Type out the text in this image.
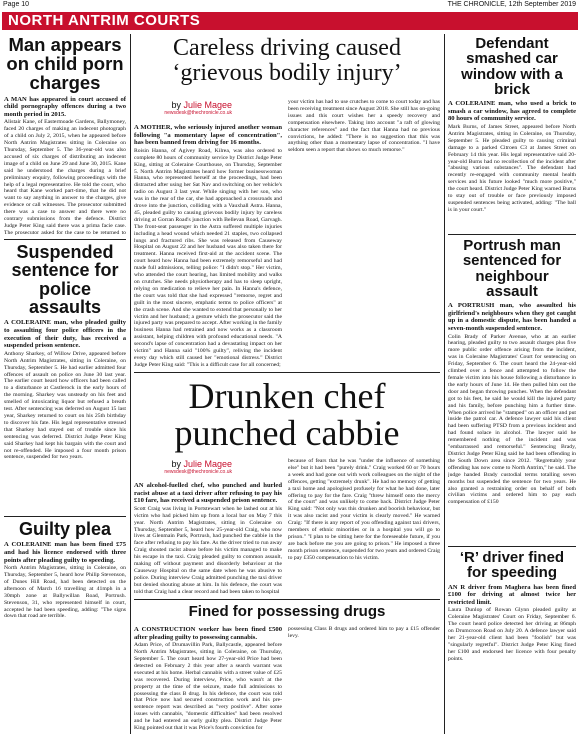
Page 10	THE CHRONICLE, 12th September 2019
NORTH ANTRIM COURTS
Man appears on child porn charges

A MAN has appeared in court accused of child pornography offences during a two month period in 2015.

Alistair Kane, of Eastermoade Gardens, Ballymoney, faced 20 charges of making an indecent photograph of a child on July 2, 2015, when he appeared before North Antrim Magistrates sitting in Coleraine on Thursday, September 5. The 36-year-old was also accused of six charges of distributing an indecent image of a child on June 29 and June 30, 2015. Kane said he understood the charges during a brief preliminary enquiry, following proceedings with the help of a legal representative. He told the court, who heard that Kane worked part-time, that he did not want to say anything in answer to the charges, give evidence or call witnesses. The prosecutor submitted there was a case to answer and there were no contrary submissions from the defence. District Judge Peter King said there was a prima facie case. The prosecutor asked for the case to be returned to

Suspended sentence for police assaults

A COLERAINE man, who pleaded guilty to assaulting four police officers in the execution of their duty, has received a suspended prison sentence.

Anthony Sharkey, of Willow Drive, appeared before North Antrim Magistrates, sitting in Coleraine, on Thursday, September 5. He had earlier admitted four offences of assault on police on June 30 last year. The earlier court heard how officers had been called to a disturbance at Castlerock in the early hours of the morning. Sharkey was unsteady on his feet and smelled of intoxicating liquor but refused a breath test. After sentencing was deferred on August 15 last year, Sharkey returned to court on his 25th birthday to discover his fate. His legal representative stressed that Sharkey had stayed out of trouble since his sentencing was deferred. District Judge Peter King said Sharkey had kept his bargain with the court and not re-offended. He imposed a four month prison sentence, suspended for two years.

Guilty plea

A COLERAINE man has been fined £75 and had his licence endorsed with three points after pleading guilty to speeding.

North Antrim Magistrates, sitting in Coleraine, on Thursday, September 5, heard how Philip Stevenson, of Dunes Hill Road, had been detected on the afternoon of March 16 travelling at 41mph in a 30mph zone at Ballywillan Road, Portrush. Stevenson, 31, who represented himself in court, accepted he had been speeding, adding: "The signs down that road are terrible.

Careless driving caused ‘grievous bodily injury’
by Julie Magee
newsdesk@thechronicle.co.uk

A MOTHER, who seriously injured another woman following "a momentary lapse of concentration", has been banned from driving for 16 months.

Roisin Hanna, of Agivey Road, Kilrea, was also ordered to complete 80 hours of community service by District Judge Peter King, sitting at Coleraine Courthouse, on Thursday, September 5. North Antrim Magistrates heard how former businesswoman Hanna, who represented herself at the proceedings, had been distracted after using her Sat Nav and switching on her vehicle's radio on August 3 last year. While singing with her son, who was in the rear of the car, she had approached a crossroads and drove into the junction, colliding with a Vauxhall Astra. Hanna, 45, pleaded guilty to causing grievous bodily injury by careless driving at Gorran Road's junction with Bellevan Road, Garvagh. The front-seat passenger in the Astra suffered multiple injuries including a head wound which needed 21 staples, two collapsed lungs and fractured ribs. She was released from Causeway Hospital on August 22 and her husband was also taken there for treatment. Hanna received first-aid at the accident scene. The court heard how Hanna had been extremely remorseful and had made full admissions, telling police: "I didn't stop." Her victim, who attended the court hearing, has limited mobility and walks on crutches. She needs physiotherapy and has to sleep upright, relying on medication to relieve her pain. In Hanna's defence, the court was told that she had expressed "remorse, regret and guilt in the most sincere, emphatic terms to police officers" at the crash scene. And she wanted to extend that personally to her victim and her husband; a gesture which the prosecutor said the injured party was prepared to accept. After working in the family business Hanna had retrained and now works as a classroom assistant, helping children with profound educational needs. "A second's lapse of concentration had a devastating impact on her victim" and Hanna said "100% guilty", reliving the incident every day which still caused her "emotional distress." District Judge Peter King said: "This is a difficult case for all concerned;

your victim has had to use crutches to come to court today and has been receiving treatment since August 2018. She still has on-going issues and this court wishes her a speedy recovery and compensation elsewhere. Taking into account "a raft of glowing character references" and the fact that Hanna had no previous convictions, he added: "There is no suggestion that this was anything other than a momentary lapse of concentration. "I have seldom seen a report that shows so much remorse."

Drunken chef punched cabbie
by Julie Magee
newsdesk@thechronicle.co.uk

AN alcohol-fuelled chef, who punched and hurled racist abuse at a taxi driver after refusing to pay his £10 fare, has received a suspended prison sentence.

Scott Craig was living in Portstewart when he lashed out at his victim who had picked him up from a local bar on May 7 this year. North Antrim Magistrates, sitting in Coleraine on Thursday, September 5, heard how 25-year-old Craig, who now lives at Glenmain Park, Portrush, had punched the cabbie in the face after refusing to pay his fare. As the driver tried to run away Craig shouted racist abuse before his victim managed to make his escape in the taxi. Craig pleaded guilty to common assault, making off without payment and disorderly behaviour at the Causeway Hospital on the same date when he was abusive to police. During interview Craig admitted punching the taxi driver but denied shouting abuse at him. In his defence, the court was told that Craig had a clear record and had been taken to hospital

because of fears that he was "under the influence of something else" but it had been "purely drink." Craig worked 60 or 70 hours a week and had gone out with work colleagues on the night of the offences, getting "extremely drunk". He had no memory of getting a taxi home and apologised profusely for what he had done, later offering to pay for the fare. Craig "threw himself onto the mercy of the court" and was unlikely to come back. District Judge Peter King said: "Not only was this drunken and boorish behaviour, but it was also racist and your victim is clearly moved." He warned Craig: "If there is any report of you offending against taxi drivers, members of ethnic minorities or in a hospital you will go to prison." "I plan to be sitting here for the foreseeable future, if you are back before me you are going to prison." He imposed a three month prison sentence, suspended for two years and ordered Craig to pay £350 compensation to his victim.

Fined for possessing drugs

A CONSTRUCTION worker has been fined £500 after pleading guilty to possessing cannabis.

Adam Price, of Drumavillin Park, Ballycastle, appeared before North Antrim Magistrates, sitting in Coleraine, on Thursday, September 5. The court heard how 27-year-old Price had been detected on February 2 this year after a search warrant was executed at his home. Herbal cannabis with a street value of £25 was recovered. During interview, Price, who wasn't at the property at the time of the seizure, made full admissions to possessing the class B drug. In his defence, the court was told that Price now had secured construction work and his pre-sentence report was described as "very positive". After some issues with cannabis, "domestic difficulties" had been resolved and he had entered an early guilty plea. District Judge Peter King pointed out that it was Price's fourth conviction for

possessing Class B drugs and ordered him to pay a £15 offender levy.

Defendant smashed car window with a brick

A COLERAINE man, who used a brick to smash a car window, has agreed to complete 80 hours of community service.

Mark Burns, of James Street, appeared before North Antrim Magistrates, sitting in Coleraine, on Thursday, September 5. He pleaded guilty to causing criminal damage to a parked Citroen C3 at James Street on February 14 this year. His legal representative said 20-year-old Burns had no recollection of the incident after "abusing various substances". The defendant had recently re-engaged with community mental health services and his future looked "much more positive," the court heard. District Judge Peter King warned Burns to stay out of trouble or face previously imposed suspended sentences being activated, adding: "The ball is in your court."

Portrush man sentenced for neighbour assault

A PORTRUSH man, who assaulted his girlfriend's neighbours when they got caught up in a domestic dispute, has been handed a seven-month suspended sentence.

Colin Brady of Parker Avenue, who at an earlier hearing, pleaded guilty to two assault charges plus five more public order offence arising from the incident, was in Coleraine Magistrates' Court for sentencing on Friday, September 6. The court heard the 24-year-old climbed over a fence and attempted to follow the female victim into his house following a disturbance in the early hours of June 14. He then pulled him out the door and began throwing punches. When the defendant got to his feet, he said he would kill the injured party and his family, before punching him a further time. When police arrived he "stamped" on an officer and put inside the patrol car. A defence lawyer said his client had been suffering PTSD from a previous incident and had found solace in alcohol. The lawyer said he remembered nothing of the incident and was "embarrassed and remorseful." Sentencing Brady, District Judge Peter King said he had been offending in the South Down area since 2012. "Regrettably your offending has now come to North Antrim," he said. The judge handed Brady custodial terms totalling seven months but suspended the sentence for two years. He also granted a restraining order on behalf of both civilian victims and ordered him to pay each compensation of £150

‘R’ driver fined for speeding

AN R driver from Maghera has been fined £100 for driving at almost twice her restricted limit.

Laura Dunlop of Rowan Glynn pleaded guilty at Coleraine Magistrates' Court on Friday, September 6. The court heard police detected her driving at 86mph on Drumcroon Road on July 20. A defence lawyer said her 21-year-old client had been "foolish" but was "singularly regretful". District Judge Peter King fined her £100 and endorsed her licence with four penalty points.
